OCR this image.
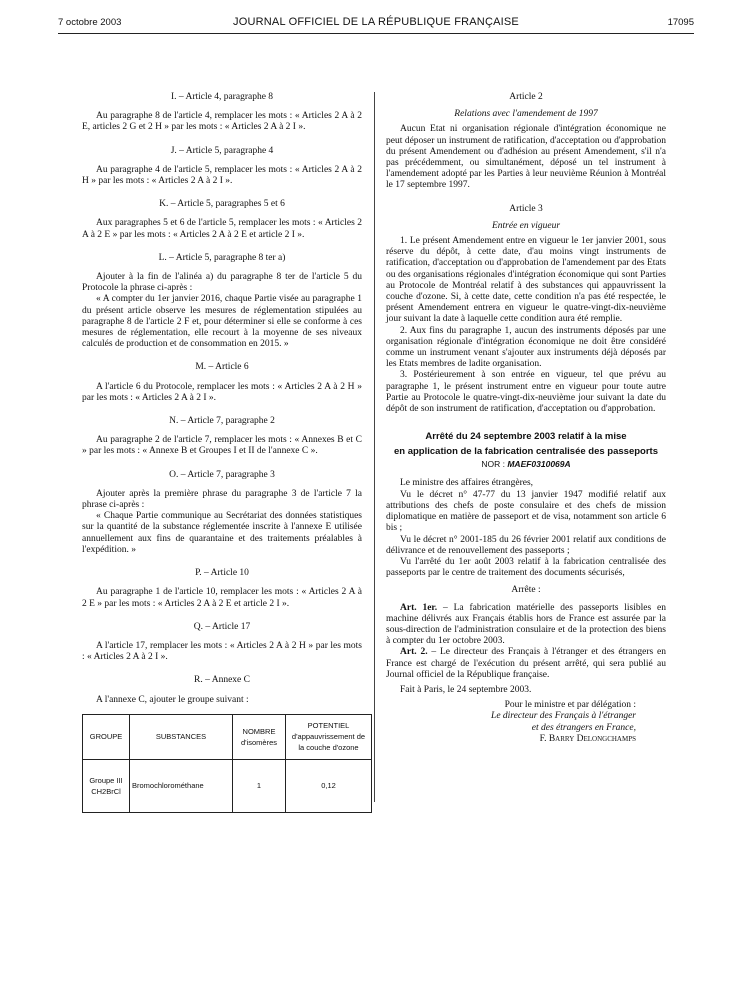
7 octobre 2003	JOURNAL OFFICIEL DE LA RÉPUBLIQUE FRANÇAISE	17095
I. – Article 4, paragraphe 8

Au paragraphe 8 de l'article 4, remplacer les mots : « Articles 2 A à 2 E, articles 2 G et 2 H » par les mots : « Articles 2 A à 2 I ».

J. – Article 5, paragraphe 4

Au paragraphe 4 de l'article 5, remplacer les mots : « Articles 2 A à 2 H » par les mots : « Articles 2 A à 2 I ».

K. – Article 5, paragraphes 5 et 6

Aux paragraphes 5 et 6 de l'article 5, remplacer les mots : « Articles 2 A à 2 E » par les mots : « Articles 2 A à 2 E et article 2 I ».

L. – Article 5, paragraphe 8 ter a)

Ajouter à la fin de l'alinéa a) du paragraphe 8 ter de l'article 5 du Protocole la phrase ci-après :

« A compter du 1er janvier 2016, chaque Partie visée au paragraphe 1 du présent article observe les mesures de réglementation stipulées au paragraphe 8 de l'article 2 F et, pour déterminer si elle se conforme à ces mesures de réglementation, elle recourt à la moyenne de ses niveaux calculés de production et de consommation en 2015. »

M. – Article 6

A l'article 6 du Protocole, remplacer les mots : « Articles 2 A à 2 H » par les mots : « Articles 2 A à 2 I ».

N. – Article 7, paragraphe 2

Au paragraphe 2 de l'article 7, remplacer les mots : « Annexes B et C » par les mots : « Annexe B et Groupes I et II de l'annexe C ».

O. – Article 7, paragraphe 3

Ajouter après la première phrase du paragraphe 3 de l'article 7 la phrase ci-après :

« Chaque Partie communique au Secrétariat des données statistiques sur la quantité de la substance réglementée inscrite à l'annexe E utilisée annuellement aux fins de quarantaine et des traitements préalables à l'expédition. »

P. – Article 10

Au paragraphe 1 de l'article 10, remplacer les mots : « Articles 2 A à 2 E » par les mots : « Articles 2 A à 2 E et article 2 I ».

Q. – Article 17

A l'article 17, remplacer les mots : « Articles 2 A à 2 H » par les mots : « Articles 2 A à 2 I ».

R. – Annexe C

A l'annexe C, ajouter le groupe suivant :

GROUPE	SUBSTANCES	NOMBRE d'isomères	POTENTIEL d'appauvrissement de la couche d'ozone
Groupe III CH2BrCl	Bromochlorométhane	1	0,12
Article 2
Relations avec l'amendement de 1997

Aucun Etat ni organisation régionale d'intégration économique ne peut déposer un instrument de ratification, d'acceptation ou d'approbation du présent Amendement ou d'adhésion au présent Amendement, s'il n'a pas précédemment, ou simultanément, déposé un tel instrument à l'amendement adopté par les Parties à leur neuvième Réunion à Montréal le 17 septembre 1997.

Article 3
Entrée en vigueur

1. Le présent Amendement entre en vigueur le 1er janvier 2001, sous réserve du dépôt, à cette date, d'au moins vingt instruments de ratification, d'acceptation ou d'approbation de l'amendement par des Etats ou des organisations régionales d'intégration économique qui sont Parties au Protocole de Montréal relatif à des substances qui appauvrissent la couche d'ozone. Si, à cette date, cette condition n'a pas été respectée, le présent Amendement entrera en vigueur le quatre-vingt-dix-neuvième jour suivant la date à laquelle cette condition aura été remplie.

2. Aux fins du paragraphe 1, aucun des instruments déposés par une organisation régionale d'intégration économique ne doit être considéré comme un instrument venant s'ajouter aux instruments déjà déposés par les Etats membres de ladite organisation.

3. Postérieurement à son entrée en vigueur, tel que prévu au paragraphe 1, le présent instrument entre en vigueur pour toute autre Partie au Protocole le quatre-vingt-dix-neuvième jour suivant la date du dépôt de son instrument de ratification, d'acceptation ou d'approbation.

Arrêté du 24 septembre 2003 relatif à la mise
en application de la fabrication centralisée des passeports
NOR : MAEF0310069A

Le ministre des affaires étrangères,

Vu le décret n° 47-77 du 13 janvier 1947 modifié relatif aux attributions des chefs de poste consulaire et des chefs de mission diplomatique en matière de passeport et de visa, notamment son article 6 bis ;

Vu le décret n° 2001-185 du 26 février 2001 relatif aux conditions de délivrance et de renouvellement des passeports ;

Vu l'arrêté du 1er août 2003 relatif à la fabrication centralisée des passeports par le centre de traitement des documents sécurisés,

Arrête :

Art. 1er. – La fabrication matérielle des passeports lisibles en machine délivrés aux Français établis hors de France est assurée par la sous-direction de l'administration consulaire et de la protection des biens à compter du 1er octobre 2003.

Art. 2. – Le directeur des Français à l'étranger et des étrangers en France est chargé de l'exécution du présent arrêté, qui sera publié au Journal officiel de la République française.

Fait à Paris, le 24 septembre 2003.

Pour le ministre et par délégation :
Le directeur des Français à l'étranger
et des étrangers en France,
F. Barry Delongchamps
